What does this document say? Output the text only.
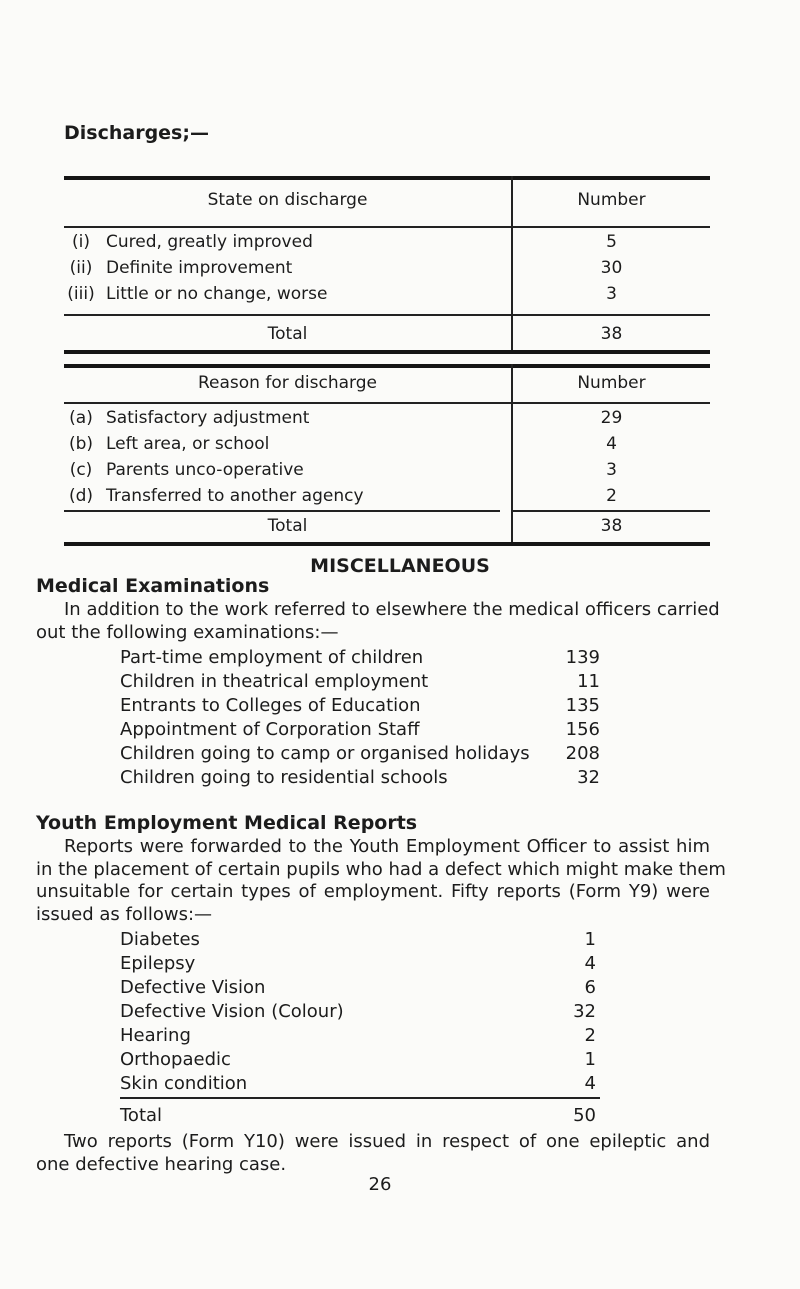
Discharges;—
State on discharge	Number
(i) Cured, greatly improved	5
(ii) Definite improvement	30
(iii) Little or no change, worse	3
Total	38
Reason for discharge	Number
(a) Satisfactory adjustment	29
(b) Left area, or school	4
(c) Parents unco-operative	3
(d) Transferred to another agency	2
Total	38
MISCELLANEOUS
Medical Examinations
In addition to the work referred to elsewhere the medical officers carried
out the following examinations:—
Part-time employment of children	139
Children in theatrical employment	11
Entrants to Colleges of Education	135
Appointment of Corporation Staff	156
Children going to camp or organised holidays 208
Children going to residential schools	32
Youth Employment Medical Reports
Reports were forwarded to the Youth Employment Officer to assist him
in the placement of certain pupils who had a defect which might make them
unsuitable for certain types of employment. Fifty reports (Form Y9) were
issued as follows:—
Diabetes	1
Epilepsy	4
Defective Vision	6
Defective Vision (Colour)	32
Hearing	2
Orthopaedic	1
Skin condition	4
Total	50
Two reports (Form Y10) were issued in respect of one epileptic and
one defective hearing case.
26
